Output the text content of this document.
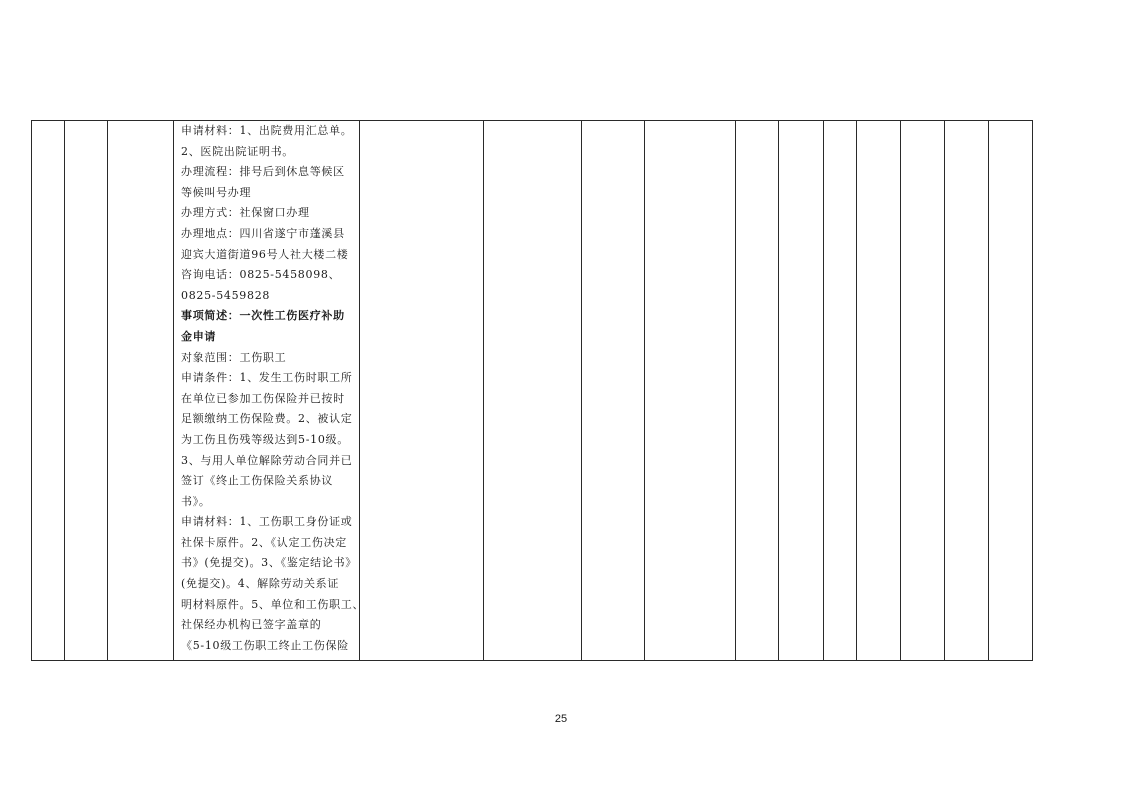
申请材料：1、出院费用汇总单。
2、医院出院证明书。
办理流程：排号后到休息等候区
等候叫号办理
办理方式：社保窗口办理
办理地点：四川省遂宁市蓬溪县
迎宾大道街道96号人社大楼二楼
咨询电话：0825-5458098、
0825-5459828
事项简述：一次性工伤医疗补助
金申请
对象范围：工伤职工
申请条件：1、发生工伤时职工所
在单位已参加工伤保险并已按时
足额缴纳工伤保险费。2、被认定
为工伤且伤残等级达到5-10级。
3、与用人单位解除劳动合同并已
签订《终止工伤保险关系协议
书》。
申请材料：1、工伤职工身份证或
社保卡原件。2、《认定工伤决定
书》(免提交)。3、《鉴定结论书》
(免提交)。4、解除劳动关系证
明材料原件。5、单位和工伤职工、
社保经办机构已签字盖章的
《5-10级工伤职工终止工伤保险

25
